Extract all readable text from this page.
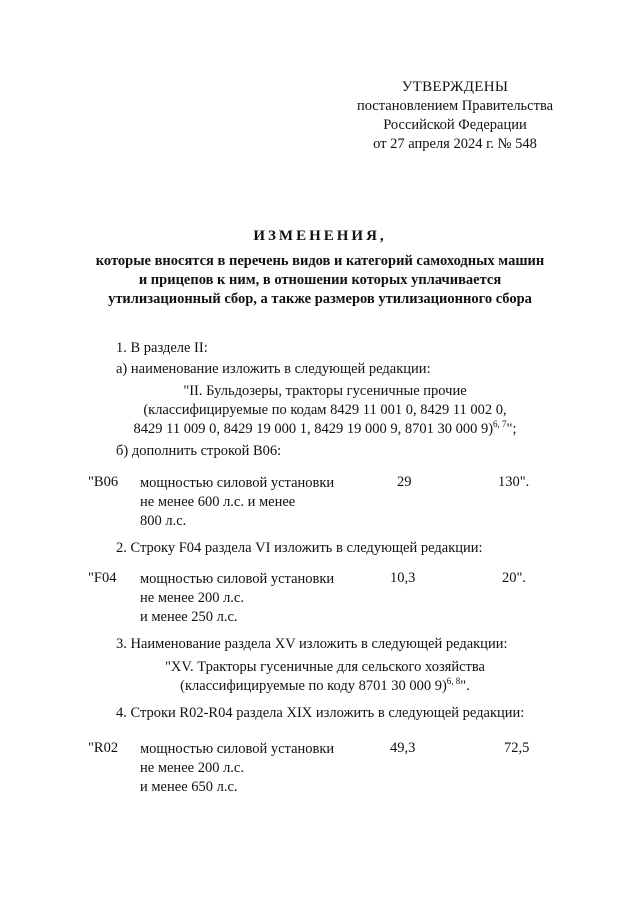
УТВЕРЖДЕНЫ
постановлением Правительства
Российской Федерации
от 27 апреля 2024 г. № 548
ИЗМЕНЕНИЯ,
которые вносятся в перечень видов и категорий самоходных машин
и прицепов к ним, в отношении которых уплачивается
утилизационный сбор, а также размеров утилизационного сбора
1. В разделе II:
а) наименование изложить в следующей редакции:
"II. Бульдозеры, тракторы гусеничные прочие
(классифицируемые по кодам 8429 11 001 0, 8429 11 002 0,
8429 11 009 0, 8429 19 000 1, 8429 19 000 9, 8701 30 000 9)$^{6, 7}$";
б) дополнить строкой В06:
"В06 мощностью силовой установки
не менее 600 л.с. и менее
800 л.с.
29	130".
2. Строку F04 раздела VI изложить в следующей редакции:
"F04 мощностью силовой установки
не менее 200 л.с.
и менее 250 л.с.
10,3	20".
3. Наименование раздела XV изложить в следующей редакции:
"XV. Тракторы гусеничные для сельского хозяйства
(классифицируемые по коду 8701 30 000 9)$^{6, 8}$".
4. Строки R02-R04 раздела XIX изложить в следующей редакции:
"R02 мощностью силовой установки
не менее 200 л.с.
и менее 650 л.с.
49,3	72,5
